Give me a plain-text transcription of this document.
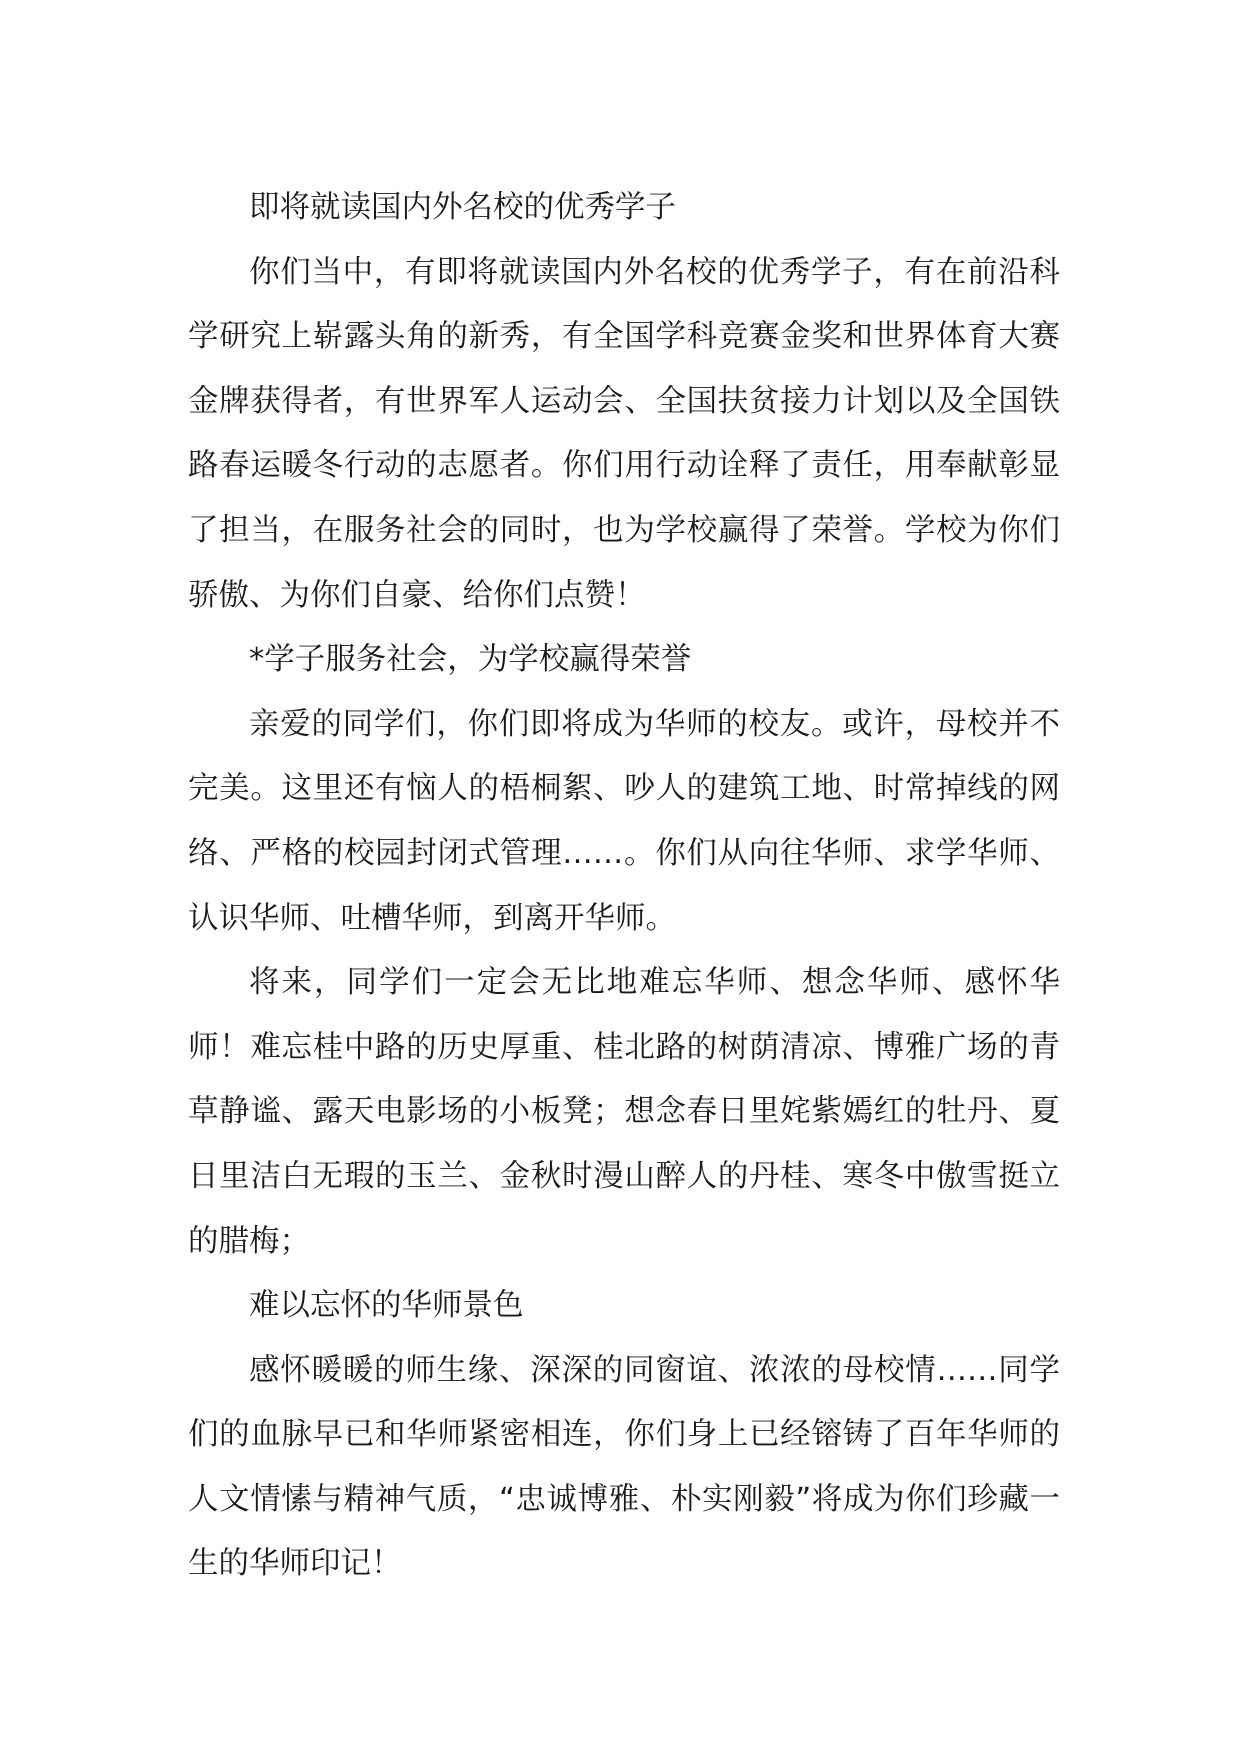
即将就读国内外名校的优秀学子

你们当中，有即将就读国内外名校的优秀学子，有在前沿科学研究上崭露头角的新秀，有全国学科竞赛金奖和世界体育大赛金牌获得者，有世界军人运动会、全国扶贫接力计划以及全国铁路春运暖冬行动的志愿者。你们用行动诠释了责任，用奉献彰显了担当，在服务社会的同时，也为学校赢得了荣誉。学校为你们骄傲、为你们自豪、给你们点赞！

*学子服务社会，为学校赢得荣誉

亲爱的同学们，你们即将成为华师的校友。或许，母校并不完美。这里还有恼人的梧桐絮、吵人的建筑工地、时常掉线的网络、严格的校园封闭式管理……。你们从向往华师、求学华师、认识华师、吐槽华师，到离开华师。

将来，同学们一定会无比地难忘华师、想念华师、感怀华师！难忘桂中路的历史厚重、桂北路的树荫清凉、博雅广场的青草静谧、露天电影场的小板凳；想念春日里姹紫嫣红的牡丹、夏日里洁白无瑕的玉兰、金秋时漫山醉人的丹桂、寒冬中傲雪挺立的腊梅；

难以忘怀的华师景色

感怀暖暖的师生缘、深深的同窗谊、浓浓的母校情……同学们的血脉早已和华师紧密相连，你们身上已经镕铸了百年华师的人文情愫与精神气质，“忠诚博雅、朴实刚毅”将成为你们珍藏一生的华师印记！
